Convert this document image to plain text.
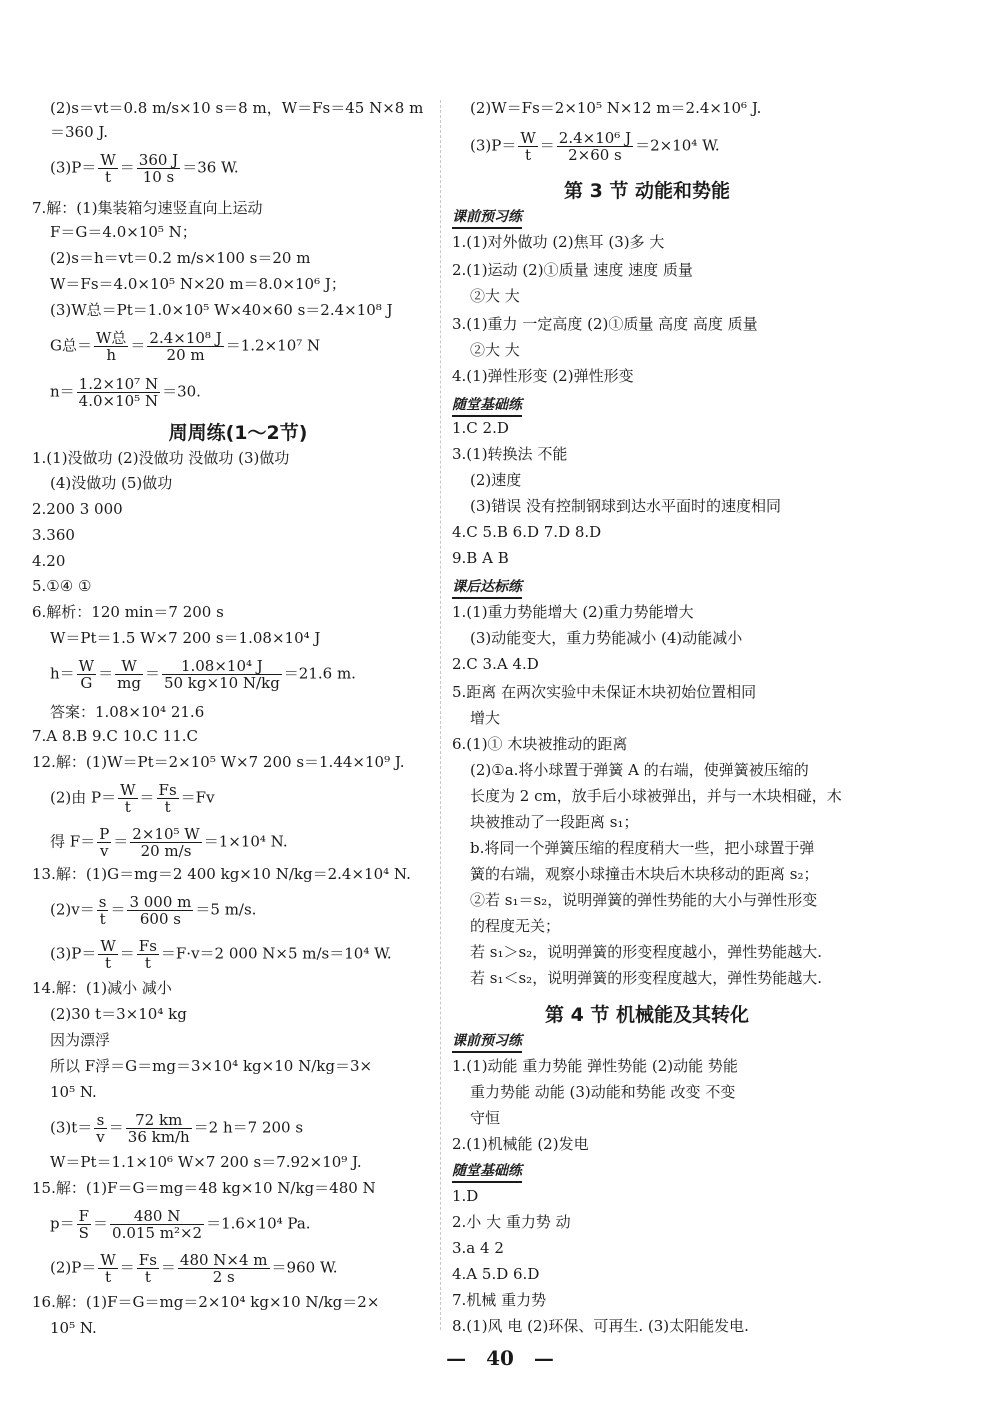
(2)s＝vt＝0.8 m/s×10 s＝8 m，W＝Fs＝45 N×8 m
＝360 J.
$(3)P= \frac{W}{t} = \frac{360 J}{10 s} =36$ W.
7.解：(1)集装箱匀速竖直向上运动
F＝G＝4.0×10⁵ N；
(2)s＝h＝vt＝0.2 m/s×100 s＝20 m
W＝Fs＝4.0×10⁵ N×20 m＝8.0×10⁶ J；
(3)W总＝Pt＝1.0×10⁵ W×40×60 s＝2.4×10⁸ J
G总＝ $\frac{\text{W总}}{h} = \frac{\text{2.4×10⁸ J}}{20 m} =1.2\times 10^7$ N
$n= \frac{\text{1.2×10⁷ N}}{\text{4.0×10⁵ N}} =30$.
周周练(1～2节)
1.(1)没做功 (2)没做功 没做功 (3)做功
(4)没做功 (5)做功
2.200 3 000
3.360
4.20
5.①④ ①
6.解析：120 min＝7 200 s
W＝Pt＝1.5 W×7 200 s＝1.08×10⁴ J
$h= \frac{W}{G} = \frac{W}{mg} = \frac{\text{1.08×10⁴ J}}{50 kg\times 10 N/kg} =21.6$ m.
答案：1.08×10⁴ 21.6
7.A 8.B 9.C 10.C 11.C
12.解：(1)W＝Pt＝2×10⁵ W×7 200 s＝1.44×10⁹ J.
(2)由 $P= \frac{W}{t} = \frac{Fs}{t} =Fv$
得 $F= \frac{P}{v} = \frac{\text{2×10⁵ W}}{20 m/s} =1\times 10^4$ N.
13.解：(1)G＝mg＝2 400 kg×10 N/kg＝2.4×10⁴ N.
$(2)v= \frac{s}{t} = \frac{3 000 m}{600 s} =5$ m/s.
$(3)P= \frac{W}{t} = \frac{Fs}{t} =F\cdot v=2$ 000 N×5 m/s＝10⁴ W.
14.解：(1)减小 减小
(2)30 t＝3×10⁴ kg
因为漂浮
所以 F浮＝G＝mg＝3×10⁴ kg×10 N/kg＝3×
10⁵ N.
$(3)t= \frac{s}{v} = \frac{72 km}{36 km/h} =2$ h＝7 200 s
W＝Pt＝1.1×10⁶ W×7 200 s＝7.92×10⁹ J.
15.解：(1)F＝G＝mg＝48 kg×10 N/kg＝480 N
$p= \frac{F}{S} = \frac{480 N}{\text{0.015 m²×2}} =1.6\times 10^4$ Pa.
$(2)P= \frac{W}{t} = \frac{Fs}{t} = \frac{480 N\times 4 m}{2 s} =960$ W.
16.解：(1)F＝G＝mg＝2×10⁴ kg×10 N/kg＝2×
10⁵ N.
(2)W＝Fs＝2×10⁵ N×12 m＝2.4×10⁶ J.
$(3)P= \frac{W}{t} = \frac{\text{2.4×10⁶ J}}{2\times 60 s} =2\times 10^4$ W.
第 3 节 动能和势能
课前预习练
1.(1)对外做功 (2)焦耳 (3)多 大
2.(1)运动 (2)①质量 速度 速度 质量
②大 大
3.(1)重力 一定高度 (2)①质量 高度 高度 质量
②大 大
4.(1)弹性形变 (2)弹性形变
随堂基础练
1.C 2.D
3.(1)转换法 不能
(2)速度
(3)错误 没有控制钢球到达水平面时的速度相同
4.C 5.B 6.D 7.D 8.D
9.B A B
课后达标练
1.(1)重力势能增大 (2)重力势能增大
(3)动能变大，重力势能减小 (4)动能减小
2.C 3.A 4.D
5.距离 在两次实验中未保证木块初始位置相同
增大
6.(1)① 木块被推动的距离
(2)①a.将小球置于弹簧 A 的右端，使弹簧被压缩的
长度为 2 cm，放手后小球被弹出，并与一木块相碰，木
块被推动了一段距离 s₁；
b.将同一个弹簧压缩的程度稍大一些，把小球置于弹
簧的右端，观察小球撞击木块后木块移动的距离 s₂；
②若 s₁＝s₂，说明弹簧的弹性势能的大小与弹性形变
的程度无关；
若 s₁＞s₂，说明弹簧的形变程度越小，弹性势能越大.
若 s₁＜s₂，说明弹簧的形变程度越大，弹性势能越大.
第 4 节 机械能及其转化
课前预习练
1.(1)动能 重力势能 弹性势能 (2)动能 势能
重力势能 动能 (3)动能和势能 改变 不变
守恒
2.(1)机械能 (2)发电
随堂基础练
1.D
2.小 大 重力势 动
3.a 4 2
4.A 5.D 6.D
7.机械 重力势
8.(1)风 电 (2)环保、可再生. (3)太阳能发电.
— 40 —
